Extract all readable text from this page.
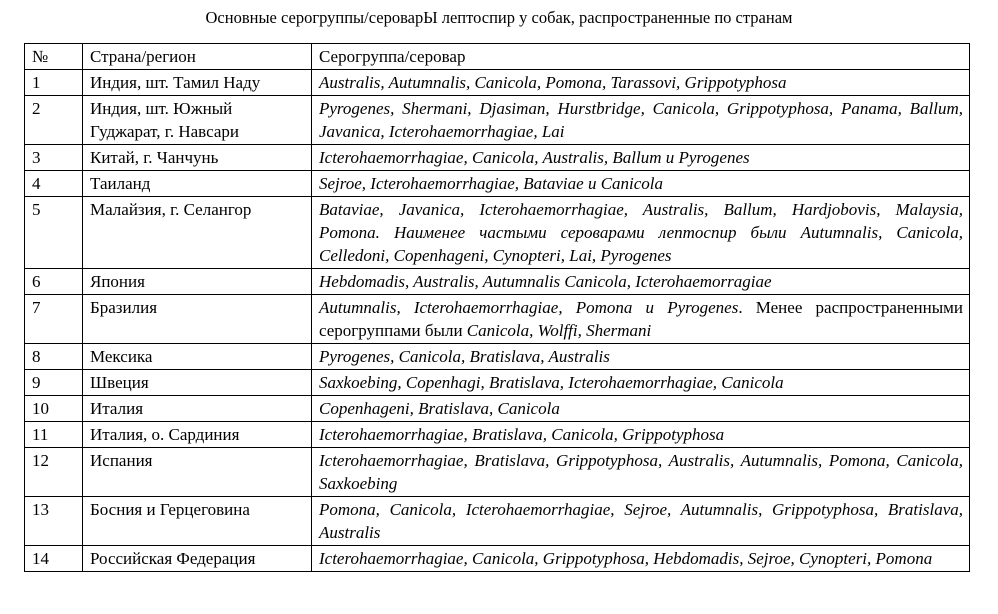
Основные серогруппы/сероварЫ лептоспир у собак, распространенные по странам
№	Страна/регион	Серогруппа/серовар
1	Индия, шт. Тамил Наду	Australis, Autumnalis, Canicola, Pomona, Tarassovi, Grippotyphosa
2	Индия, шт. Южный Гуджарат, г. Навсари	Pyrogenes, Shermani, Djasiman, Hurstbridge, Canicola, Grippotyphosa, Panama, Ballum, Javanica, Icterohaemorrhagiae, Lai
3	Китай, г. Чанчунь	Icterohaemorrhagiae, Canicola, Australis, Ballum и Pyrogenes
4	Таиланд	Sejroe, Icterohaemorrhagiae, Bataviae и Canicola
5	Малайзия, г. Селангор	Bataviae, Javanica, Icterohaemorrhagiae, Australis, Ballum, Hardjobovis, Malaysia, Pomona. Наименее частыми сероварами лептоспир были Autumnalis, Canicola, Celledoni, Copenhageni, Cynopteri, Lai, Pyrogenes
6	Япония	Hebdomadis, Australis, Autumnalis Canicola, Icterohaemorragiae
7	Бразилия	Autumnalis, Icterohaemorrhagiae, Pomona и Pyrogenes. Менее распространенными серогруппами были Canicola, Wolffi, Shermani
8	Мексика	Pyrogenes, Canicola, Bratislava, Australis
9	Швеция	Saxkoebing, Copenhagi, Bratislava, Icterohaemorrhagiae, Canicola
10	Италия	Copenhageni, Bratislava, Canicola
11	Италия, о. Сардиния	Icterohaemorrhagiae, Bratislava, Canicola, Grippotyphosa
12	Испания	Icterohaemorrhagiae, Bratislava, Grippotyphosa, Australis, Autumnalis, Pomona, Canicola, Saxkoebing
13	Босния и Герцеговина	Pomona, Canicola, Icterohaemorrhagiae, Sejroe, Autumnalis, Grippotyphosa, Bratislava, Australis
14	Российская Федерация	Icterohaemorrhagiae, Canicola, Grippotyphosa, Hebdomadis, Sejroe, Cynopteri, Pomona
